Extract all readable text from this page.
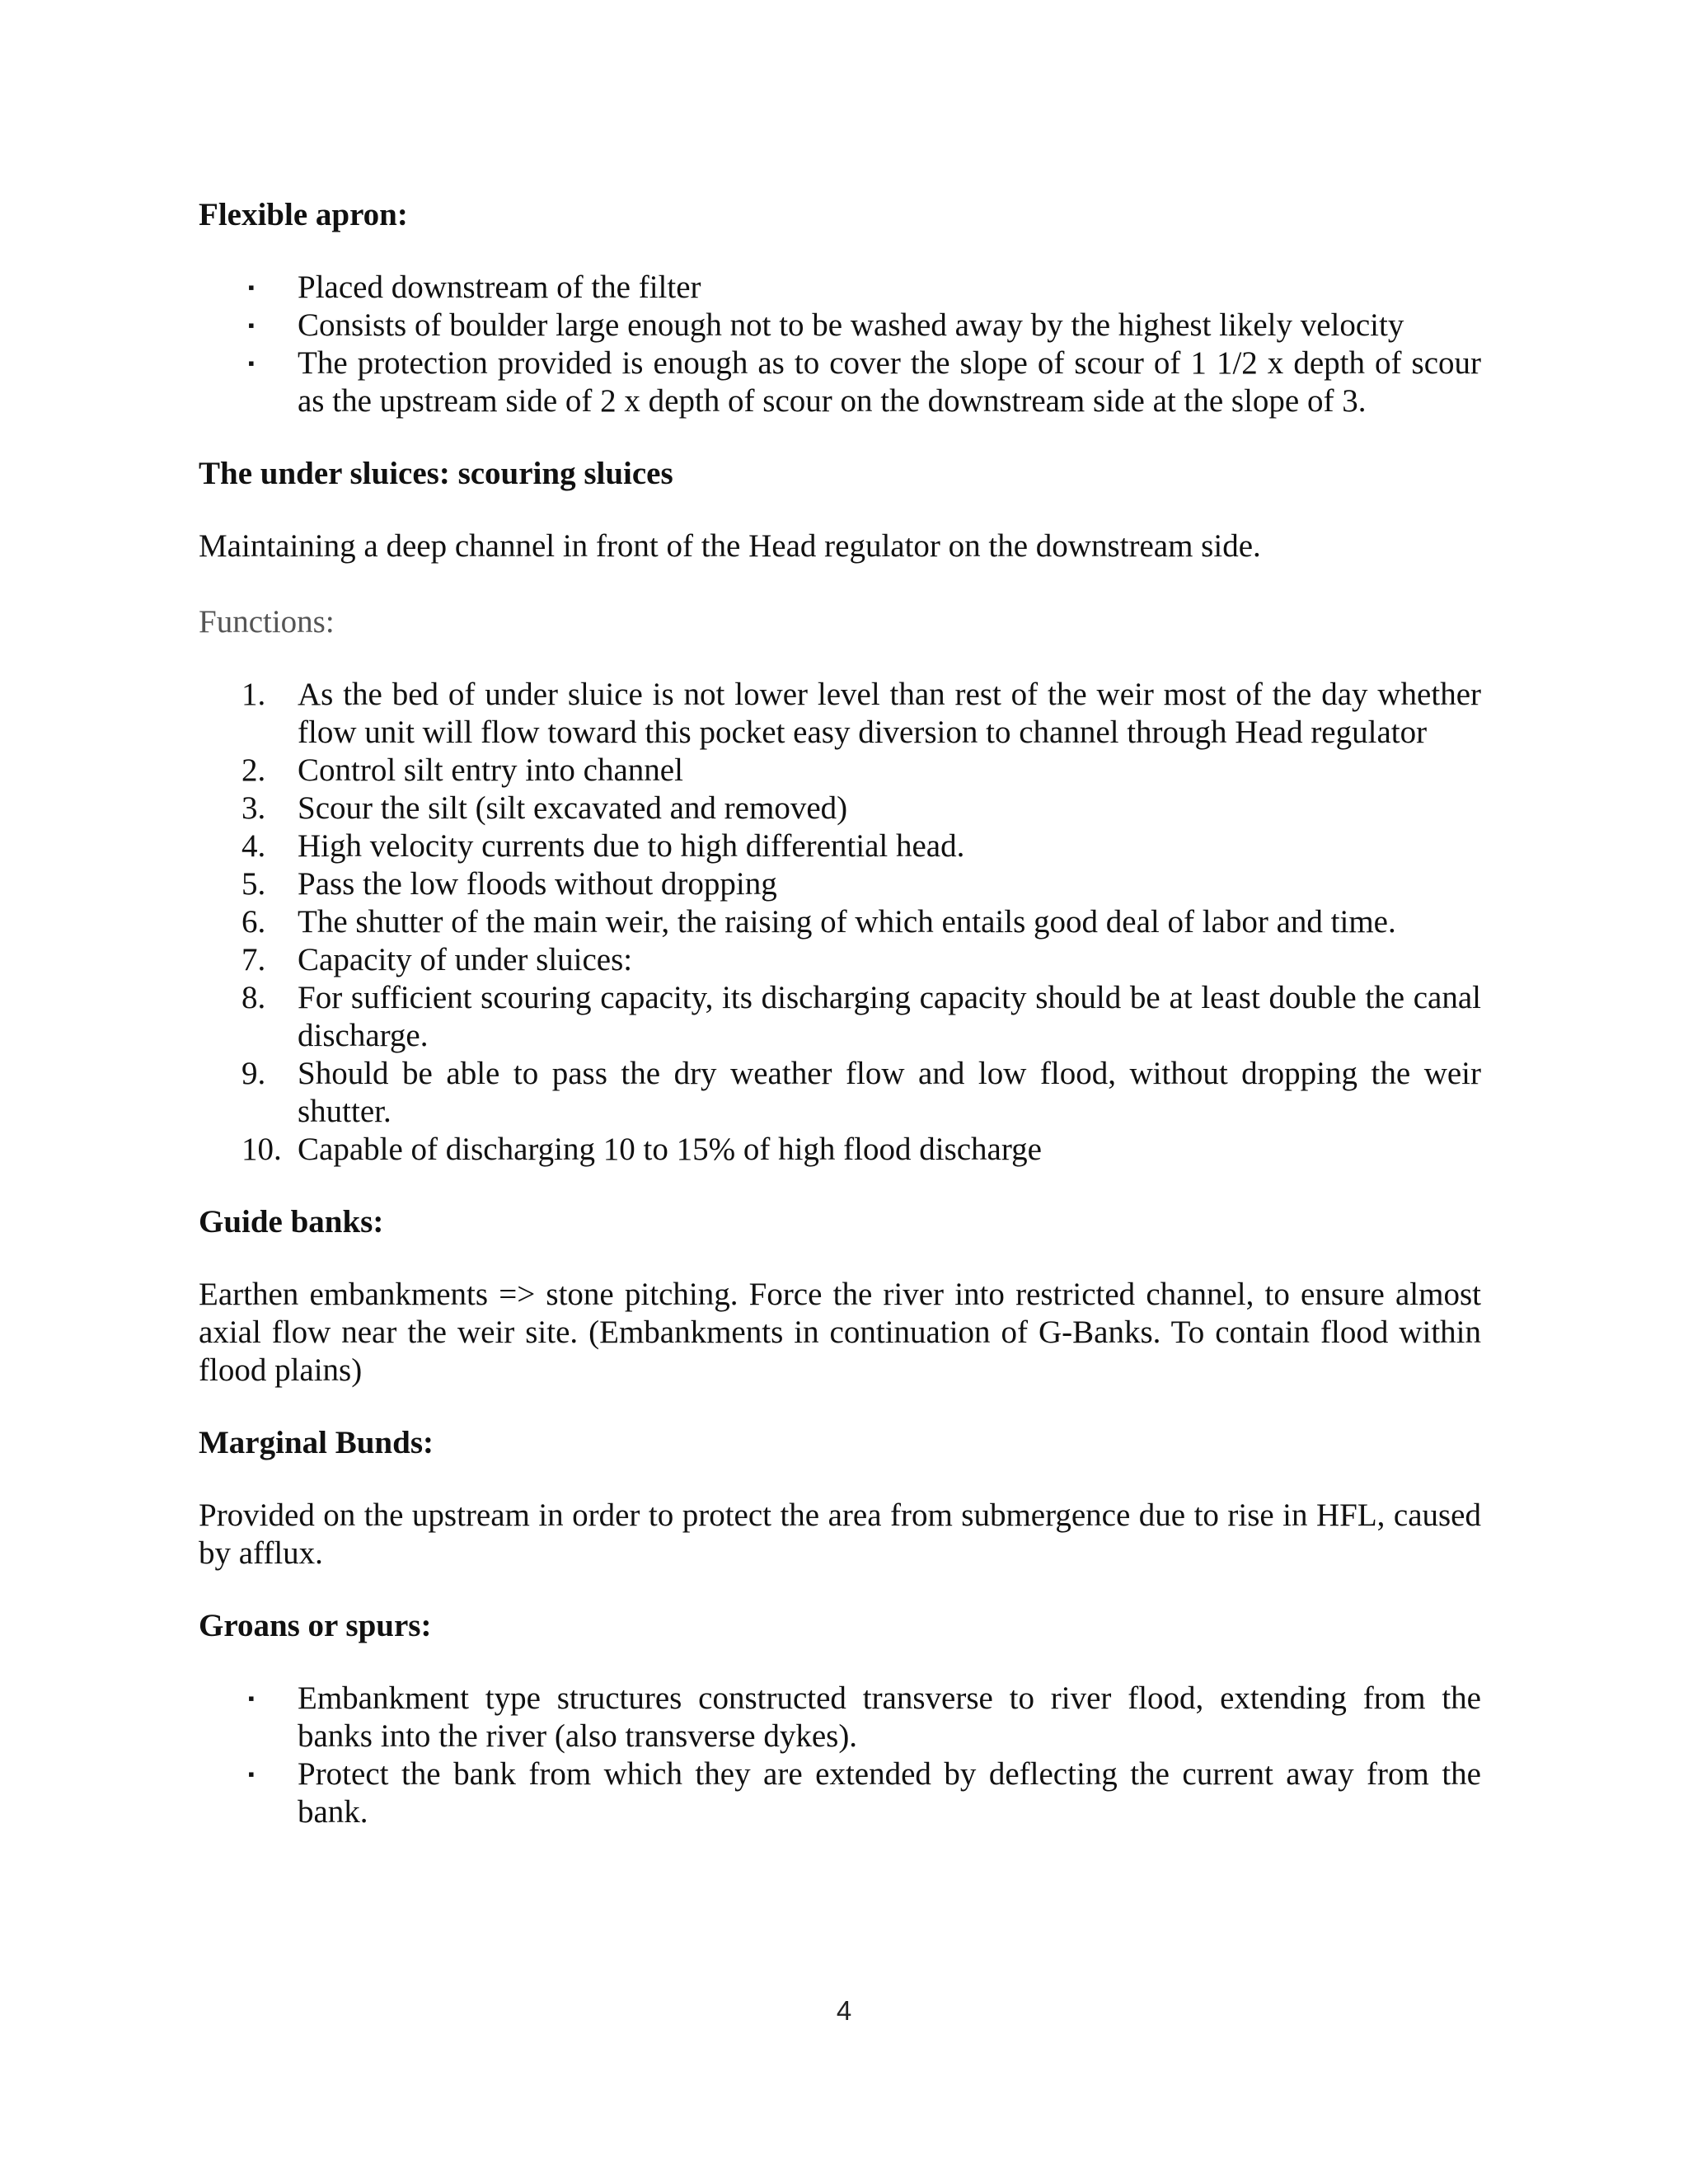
Flexible apron:

▪ Placed downstream of the filter
▪ Consists of boulder large enough not to be washed away by the highest likely velocity
▪ The protection provided is enough as to cover the slope of scour of 1 1/2 x depth of scour as the upstream side of 2 x depth of scour on the downstream side at the slope of 3.

The under sluices: scouring sluices

Maintaining a deep channel in front of the Head regulator on the downstream side.

Functions:

1. As the bed of under sluice is not lower level than rest of the weir most of the day whether flow unit will flow toward this pocket easy diversion to channel through Head regulator
2. Control silt entry into channel
3. Scour the silt (silt excavated and removed)
4. High velocity currents due to high differential head.
5. Pass the low floods without dropping
6. The shutter of the main weir, the raising of which entails good deal of labor and time.
7. Capacity of under sluices:
8. For sufficient scouring capacity, its discharging capacity should be at least double the canal discharge.
9. Should be able to pass the dry weather flow and low flood, without dropping the weir shutter.
10. Capable of discharging 10 to 15% of high flood discharge

Guide banks:

Earthen embankments => stone pitching. Force the river into restricted channel, to ensure almost axial flow near the weir site. (Embankments in continuation of G-Banks. To contain flood within flood plains)

Marginal Bunds:

Provided on the upstream in order to protect the area from submergence due to rise in HFL, caused by afflux.

Groans or spurs:

▪ Embankment type structures constructed transverse to river flood, extending from the banks into the river (also transverse dykes).
▪ Protect the bank from which they are extended by deflecting the current away from the bank.
4
